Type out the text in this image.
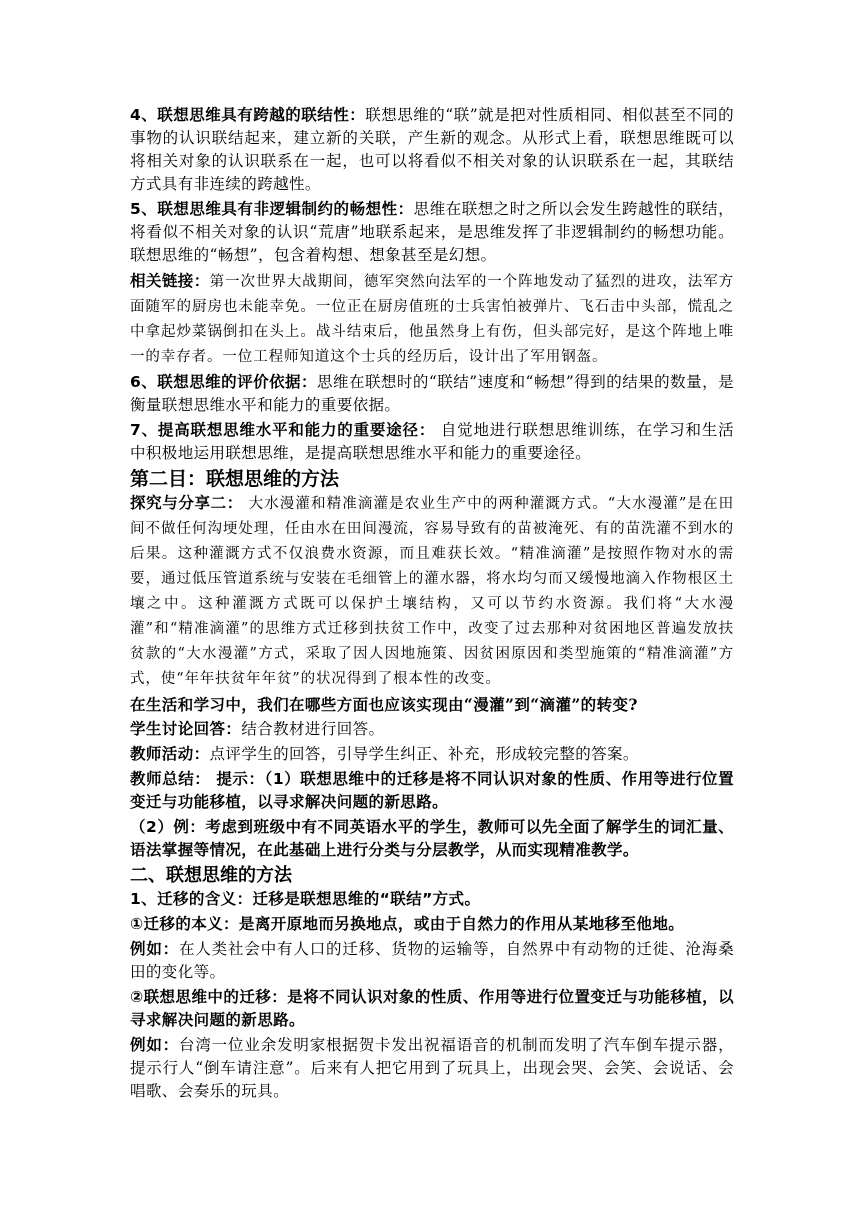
4、联想思维具有跨越的联结性：联想思维的“联”就是把对性质相同、相似甚至不同的事物的认识联结起来，建立新的关联，产生新的观念。从形式上看，联想思维既可以将相关对象的认识联系在一起，也可以将看似不相关对象的认识联系在一起，其联结方式具有非连续的跨越性。

5、联想思维具有非逻辑制约的畅想性：思维在联想之时之所以会发生跨越性的联结，将看似不相关对象的认识“荒唐”地联系起来，是思维发挥了非逻辑制约的畅想功能。联想思维的“畅想”，包含着构想、想象甚至是幻想。

相关链接：第一次世界大战期间，德军突然向法军的一个阵地发动了猛烈的进攻，法军方面随军的厨房也未能幸免。一位正在厨房值班的士兵害怕被弹片、飞石击中头部，慌乱之中拿起炒菜锅倒扣在头上。战斗结束后，他虽然身上有伤，但头部完好，是这个阵地上唯一的幸存者。一位工程师知道这个士兵的经历后，设计出了军用钢盔。

6、联想思维的评价依据：思维在联想时的“联结”速度和“畅想”得到的结果的数量，是衡量联想思维水平和能力的重要依据。

7、提高联想思维水平和能力的重要途径： 自觉地进行联想思维训练，在学习和生活中积极地运用联想思维，是提高联想思维水平和能力的重要途径。

第二目：联想思维的方法

探究与分享二： 大水漫灌和精准滴灌是农业生产中的两种灌溉方式。“大水漫灌”是在田间不做任何沟埂处理，任由水在田间漫流，容易导致有的苗被淹死、有的苗洗灌不到水的后果。这种灌溉方式不仅浪费水资源，而且难获长效。“精准滴灌”是按照作物对水的需要，通过低压管道系统与安装在毛细管上的灌水器，将水均匀而又缓慢地滴入作物根区土壤之中。这种灌溉方式既可以保护土壤结构，又可以节约水资源。我们将“大水漫灌”和“精准滴灌”的思维方式迁移到扶贫工作中，改变了过去那种对贫困地区普遍发放扶贫款的“大水漫灌”方式，采取了因人因地施策、因贫困原因和类型施策的“精准滴灌”方式，使“年年扶贫年年贫”的状况得到了根本性的改变。

在生活和学习中，我们在哪些方面也应该实现由“漫灌”到“滴灌”的转变?

学生讨论回答：结合教材进行回答。

教师活动：点评学生的回答，引导学生纠正、补充，形成较完整的答案。

教师总结： 提示：（1）联想思维中的迁移是将不同认识对象的性质、作用等进行位置变迁与功能移植，以寻求解决问题的新思路。

（2）例：考虑到班级中有不同英语水平的学生，教师可以先全面了解学生的词汇量、语法掌握等情况，在此基础上进行分类与分层教学，从而实现精准教学。

二、联想思维的方法

1、迁移的含义：迁移是联想思维的“联结”方式。

①迁移的本义：是离开原地而另换地点，或由于自然力的作用从某地移至他地。

例如：在人类社会中有人口的迁移、货物的运输等，自然界中有动物的迁徙、沧海桑田的变化等。

②联想思维中的迁移：是将不同认识对象的性质、作用等进行位置变迁与功能移植，以寻求解决问题的新思路。

例如：台湾一位业余发明家根据贺卡发出祝福语音的机制而发明了汽车倒车提示器，提示行人“倒车请注意”。后来有人把它用到了玩具上，出现会哭、会笑、会说话、会唱歌、会奏乐的玩具。
